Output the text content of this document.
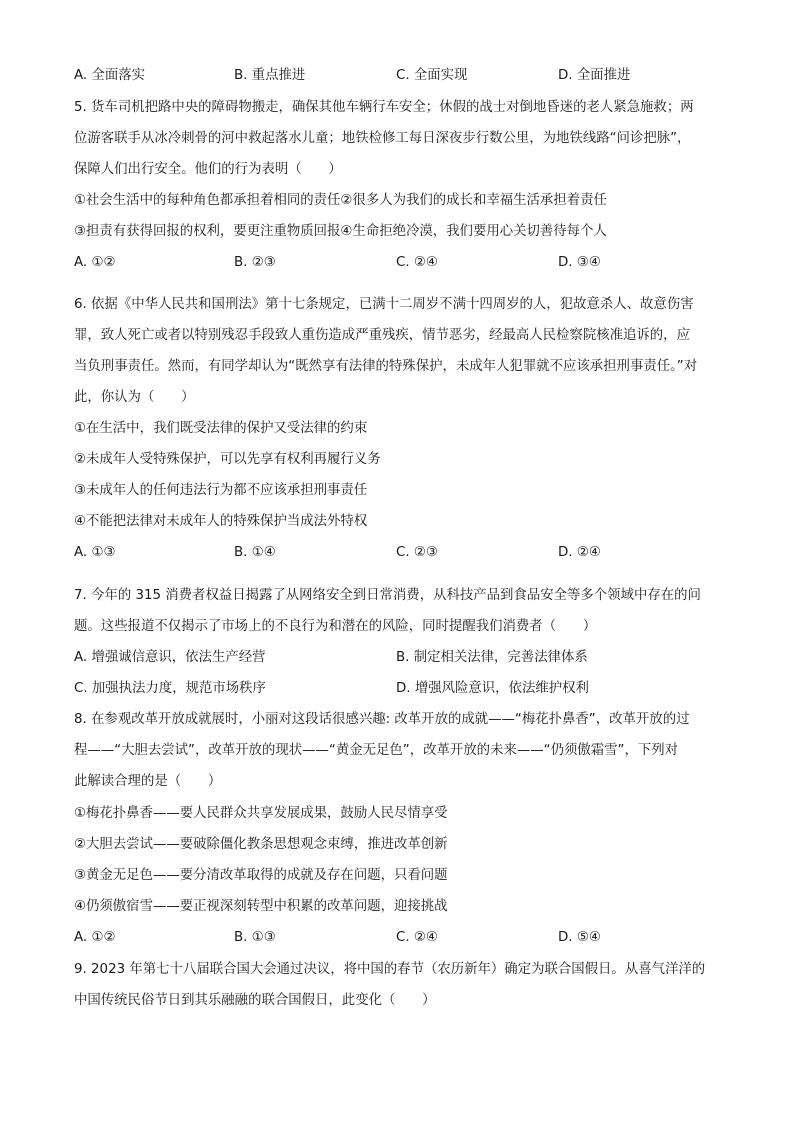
A. 全面落实	B. 重点推进	C. 全面实现	D. 全面推进
5. 货车司机把路中央的障碍物搬走，确保其他车辆行车安全；休假的战士对倒地昏迷的老人紧急施救；两
位游客联手从冰冷刺骨的河中救起落水儿童；地铁检修工每日深夜步行数公里，为地铁线路“问诊把脉”，
保障人们出行安全。他们的行为表明（　　）
①社会生活中的每种角色都承担着相同的责任②很多人为我们的成长和幸福生活承担着责任
③担责有获得回报的权利，要更注重物质回报④生命拒绝冷漠，我们要用心关切善待每个人
A. ①②	B. ②③	C. ②④	D. ③④
6. 依据《中华人民共和国刑法》第十七条规定，已满十二周岁不满十四周岁的人，犯故意杀人、故意伤害
罪，致人死亡或者以特别残忍手段致人重伤造成严重残疾，情节恶劣，经最高人民检察院核准追诉的，应
当负刑事责任。然而，有同学却认为“既然享有法律的特殊保护，未成年人犯罪就不应该承担刑事责任。”对
此，你认为（　　）
①在生活中，我们既受法律的保护又受法律的约束
②未成年人受特殊保护，可以先享有权利再履行义务
③未成年人的任何违法行为都不应该承担刑事责任
④不能把法律对未成年人的特殊保护当成法外特权
A. ①③	B. ①④	C. ②③	D. ②④
7. 今年的 315 消费者权益日揭露了从网络安全到日常消费，从科技产品到食品安全等多个领域中存在的问
题。这些报道不仅揭示了市场上的不良行为和潜在的风险，同时提醒我们消费者（　　）
A. 增强诚信意识，依法生产经营	B. 制定相关法律，完善法律体系
C. 加强执法力度，规范市场秩序	D. 增强风险意识，依法维护权利
8. 在参观改革开放成就展时，小丽对这段话很感兴趣: 改革开放的成就——“梅花扑鼻香”，改革开放的过
程——“大胆去尝试”，改革开放的现状——“黄金无足色”，改革开放的未来——“仍须傲霜雪”，下列对
此解读合理的是（　　）
①梅花扑鼻香——要人民群众共享发展成果，鼓励人民尽情享受
②大胆去尝试——要破除僵化教条思想观念束缚，推进改革创新
③黄金无足色——要分清改革取得的成就及存在问题，只看问题
④仍须傲宿雪——要正视深刻转型中积累的改革问题，迎接挑战
A. ①②	B. ①③	C. ②④	D. ⑤④
9. 2023 年第七十八届联合国大会通过决议，将中国的春节（农历新年）确定为联合国假日。从喜气洋洋的
中国传统民俗节日到其乐融融的联合国假日，此变化（　　）
